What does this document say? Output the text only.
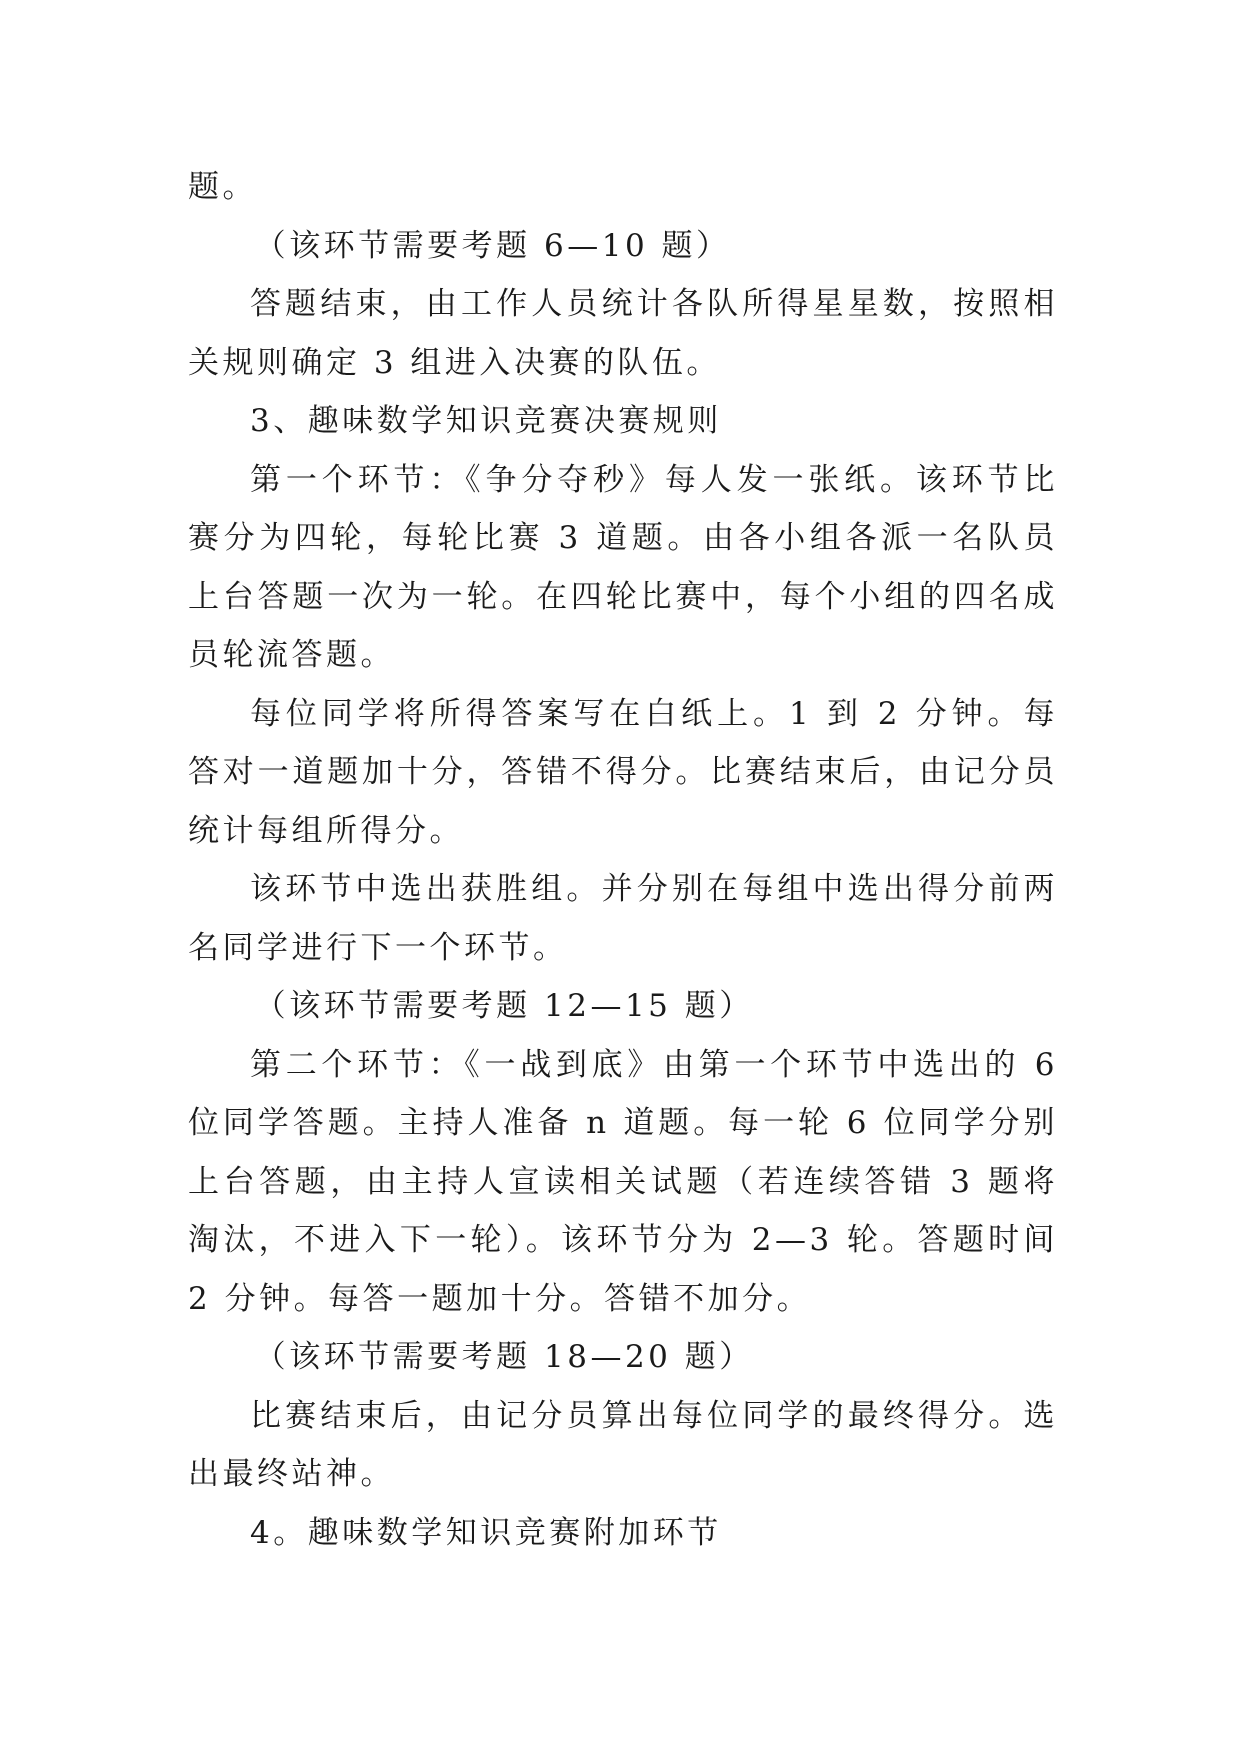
题。

（该环节需要考题 6—10 题）

答题结束，由工作人员统计各队所得星星数，按照相关规则确定 3 组进入决赛的队伍。

3、趣味数学知识竞赛决赛规则

第一个环节：《争分夺秒》每人发一张纸。该环节比赛分为四轮，每轮比赛 3 道题。由各小组各派一名队员上台答题一次为一轮。在四轮比赛中，每个小组的四名成员轮流答题。

每位同学将所得答案写在白纸上。1 到 2 分钟。每答对一道题加十分，答错不得分。比赛结束后，由记分员统计每组所得分。

该环节中选出获胜组。并分别在每组中选出得分前两名同学进行下一个环节。

（该环节需要考题 12—15 题）

第二个环节：《一战到底》由第一个环节中选出的 6 位同学答题。主持人准备 n 道题。每一轮 6 位同学分别上台答题，由主持人宣读相关试题（若连续答错 3 题将淘汰，不进入下一轮）。该环节分为 2—3 轮。答题时间 2 分钟。每答一题加十分。答错不加分。

（该环节需要考题 18—20 题）

比赛结束后，由记分员算出每位同学的最终得分。选出最终站神。

4。趣味数学知识竞赛附加环节
